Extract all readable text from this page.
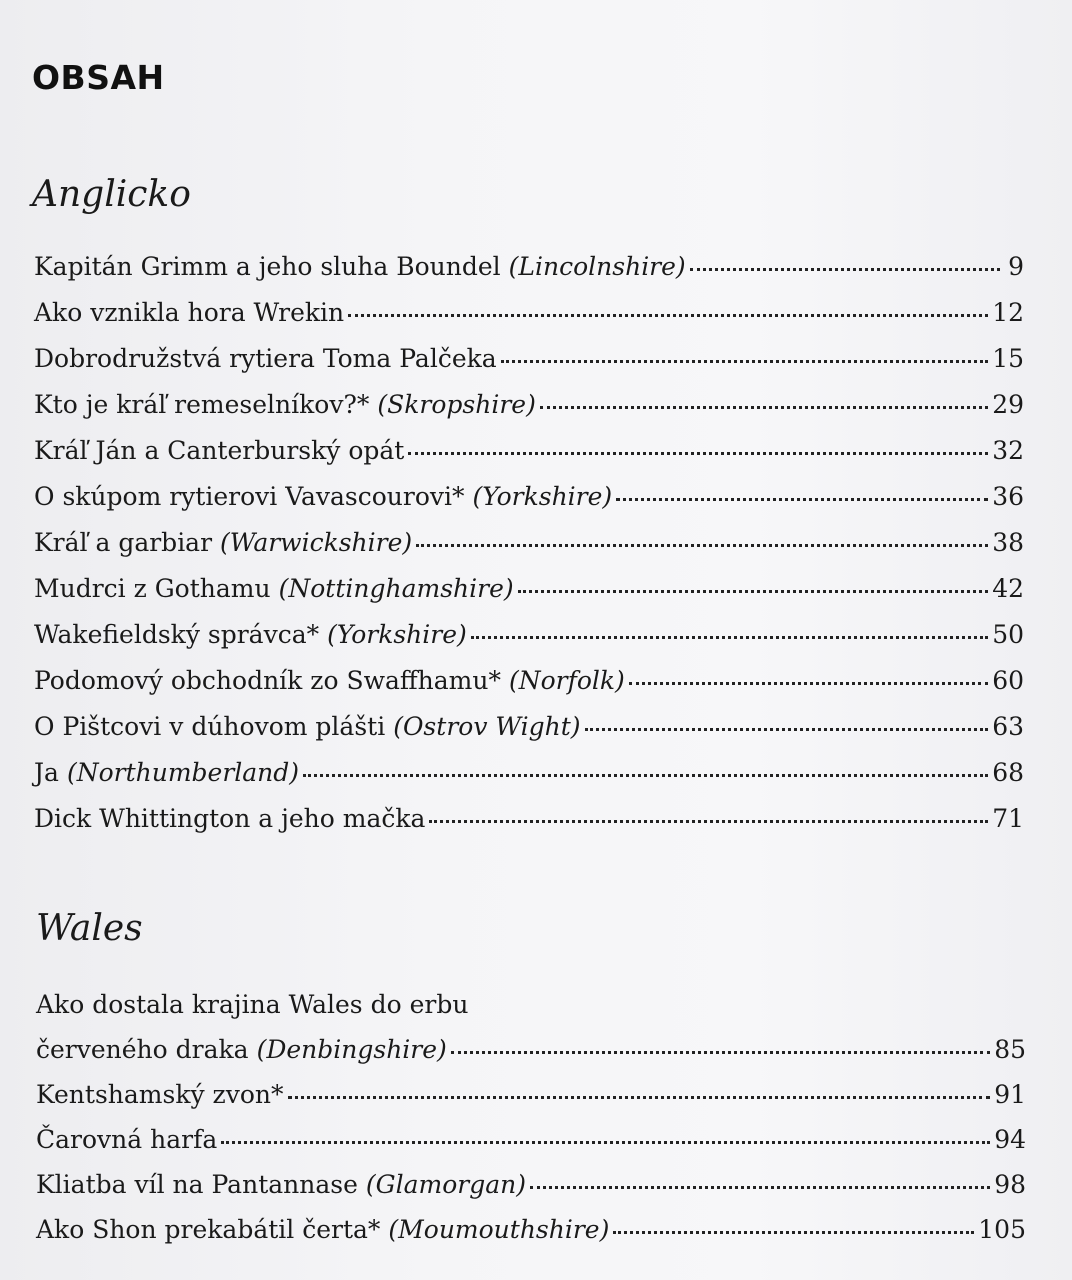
OBSAH
Anglicko
Kapitán Grimm a jeho sluha Boundel (Lincolnshire)	9
Ako vznikla hora Wrekin	12
Dobrodružstvá rytiera Toma Palčeka	15
Kto je kráľ remeselníkov?* (Skropshire)	29
Kráľ Ján a Canterburský opát	32
O skúpom rytierovi Vavascourovi* (Yorkshire)	36
Kráľ a garbiar (Warwickshire)	38
Mudrci z Gothamu (Nottinghamshire)	42
Wakefieldský správca* (Yorkshire)	50
Podomový obchodník zo Swaffhamu* (Norfolk)	60
O Pištcovi v dúhovom plášti (Ostrov Wight)	63
Ja (Northumberland)	68
Dick Whittington a jeho mačka	71
Wales
Ako dostala krajina Wales do erbu
červeného draka (Denbingshire)	85
Kentshamský zvon*	91
Čarovná harfa	94
Kliatba víl na Pantannase (Glamorgan)	98
Ako Shon prekabátil čerta* (Moumouthshire)	105
